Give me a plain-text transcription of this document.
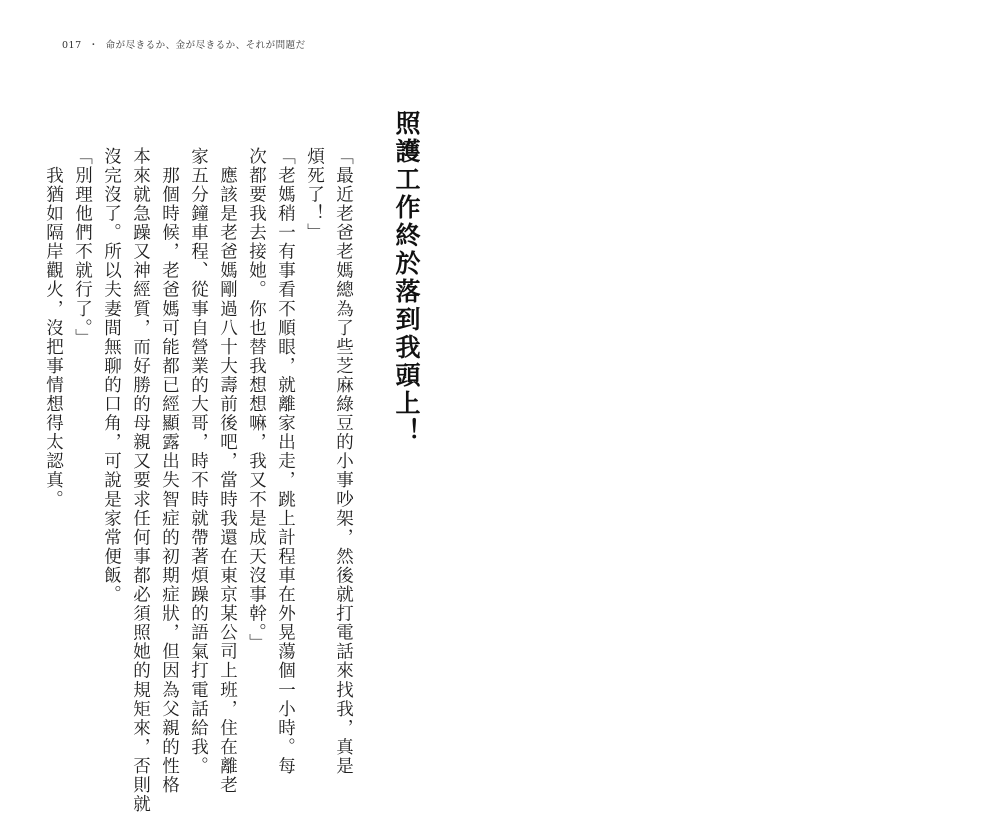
017 ・ 命が尽きるか、金が尽きるか、それが問題だ
照護工作終於落到我頭上！
「最近老爸老媽總為了些芝麻綠豆的小事吵架，然後就打電話來找我，真是
煩死了！」
「老媽稍一有事看不順眼，就離家出走，跳上計程車在外晃蕩個一小時。每
次都要我去接她。你也替我想想嘛，我又不是成天沒事幹。」
　應該是老爸媽剛過八十大壽前後吧，當時我還在東京某公司上班，住在離老
家五分鐘車程、從事自營業的大哥，時不時就帶著煩躁的語氣打電話給我。
　那個時候，老爸媽可能都已經顯露出失智症的初期症狀，但因為父親的性格
本來就急躁又神經質，而好勝的母親又要求任何事都必須照她的規矩來，否則就
沒完沒了。所以夫妻間無聊的口角，可說是家常便飯。
「別理他們不就行了。」
　我猶如隔岸觀火，沒把事情想得太認真。
